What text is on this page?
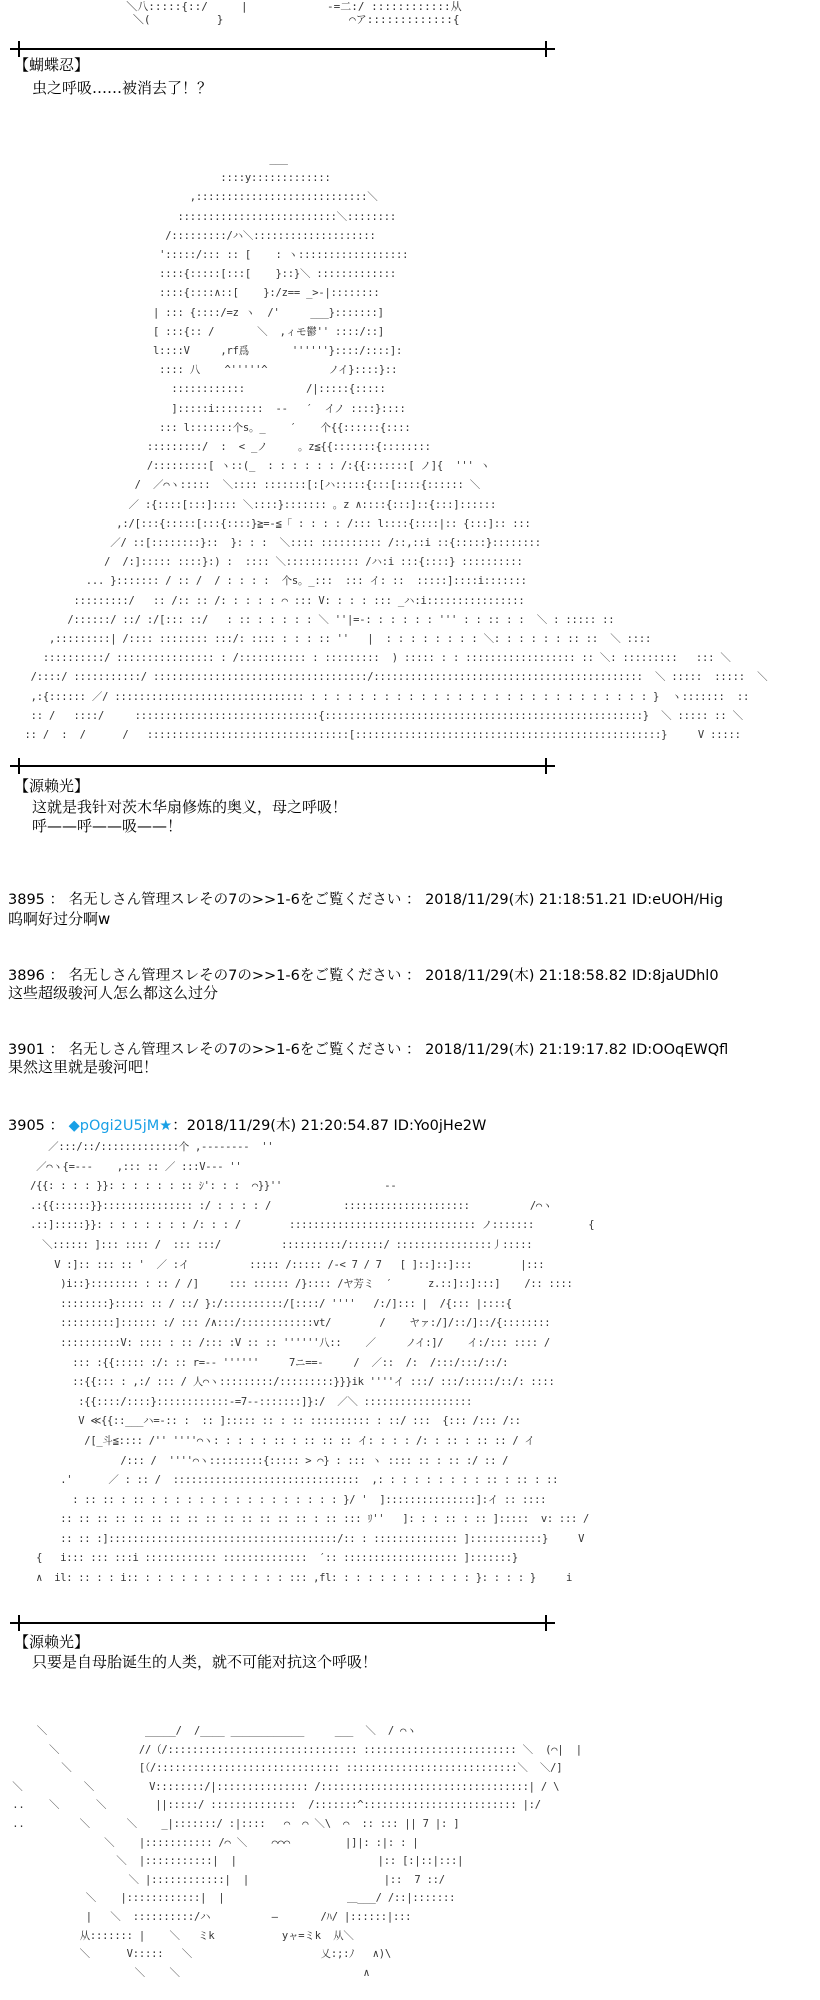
＼八:::::{::/     |            -=二:/ ::::::::::::从
＼(          }                   ⌒ア:::::::::::::{
【蝴蝶忍】
虫之呼吸……被消去了！？
___
::::y:::::::::::::
,::::::::::::::::::::::::::::＼
::::::::::::::::::::::::::＼::::::::
/:::::::::/ハ＼::::::::::::::::::::
':::::/::: :: [    : ヽ::::::::::::::::::
::::{:::::[:::[    }::}＼ :::::::::::::
::::{::::∧::[    }:/z== _>-|::::::::
| ::: {::::/=z ヽ  /'     ___}:::::::]
[ :::{:: /       ＼  ,ィモ鬱'' ::::/::]
l::::V     ,rf爲       ''''''}::::/::::]:
:::: 八    ^'''''^          ノイ}::::}::
::::::::::::          /|:::::{:::::
]:::::i::::::::  --   ′  イノ ::::}::::
::: l:::::::个s。_    ′    个{{::::::{::::
:::::::::/  :  < _ノ     。z≦{{:::::::{::::::::
/:::::::::[ ヽ::(_  : : : : : : /:{{:::::::[ ノ]{  ''' ヽ
/  ／⌒ヽ:::::  ＼:::: :::::::[:[ハ:::::{:::[::::{:::::: ＼
／ :{::::[:::]:::: ＼::::}::::::: 。z ∧::::{:::]::{:::]::::::
,:/[:::{:::::[:::{::::}≧=-≦「 : : : : /::: l::::{::::|:: {:::]:: :::
／/ ::[::::::::}::  }: : :  ＼:::: :::::::::: /::,::i ::{:::::}::::::::
/  /:]::::: ::::}:) :  :::: ＼:::::::::::: /ハ:i :::{::::} ::::::::::
... }::::::: / :: /  / : : : :  个s。_:::  ::: イ: ::  :::::]::::i:::::::
:::::::::/   :: /:: :: /: : : : : ⌒ ::: V: : : : ::: _ハ:i::::::::::::::::
/::::::/ ::/ :/[::: ::/   : :: : : : : : ＼ ''|=-: : : : : : ''' : : :: : :  ＼ : ::::: ::
,:::::::::| /:::: :::::::: :::/: :::: : : : :: ''   |  : : : : : : : : ＼: : : : : : :: ::  ＼ ::::
::::::::::/ :::::::::::::::: : /::::::::::: : :::::::::  ) ::::: : : :::::::::::::::::: :: ＼: :::::::::   ::: ＼
/::::/ :::::::::::/ :::::::::::::::::::::::::::::::::::/::::::::::::::::::::::::::::::::::::::::::::  ＼ :::::  :::::  ＼
,:{:::::: ／/ ::::::::::::::::::::::::::::::: : : : : : : : : : : : : : : : : : : : : : : : : : : : : }  ヽ:::::::  ::
:: /   ::::/     ::::::::::::::::::::::::::::::{::::::::::::::::::::::::::::::::::::::::::::::::::::}  ＼ ::::: :: ＼
:: /  :  /      /   :::::::::::::::::::::::::::::::::[::::::::::::::::::::::::::::::::::::::::::::::::::}     V :::::
【源赖光】
这就是我针对茨木华扇修炼的奥义，母之呼吸！
呼——呼——吸——！
3895 ： 名无しさん管理スレその7の>>1-6をご覧ください ： 2018/11/29(木) 21:18:51.21 ID:eUOH/Hig
呜啊好过分啊w
3896 ： 名无しさん管理スレその7の>>1-6をご覧ください ： 2018/11/29(木) 21:18:58.82 ID:8jaUDhl0
这些超级骏河人怎么都这么过分
3901 ： 名无しさん管理スレその7の>>1-6をご覧ください ： 2018/11/29(木) 21:19:17.82 ID:OOqEWQfl
果然这里就是骏河吧！
3905 ： ◆pOgi2U5jM★：2018/11/29(木) 21:20:54.87 ID:Yo0jHe2W
／:::/::/:::::::::::::个 ,--------  ''
／⌒ヽ{=---    ,::: :: ／ :::V--- ''
/{{: : : : }}: : : : : : :: ｼ': : :  ⌒}}''                 --
.:{{::::::}}::::::::::::::: :/ : : : : /            :::::::::::::::::::::          /⌒ヽ
.::]:::::}}: : : : : : : : /: : : /        ::::::::::::::::::::::::::::::: ノ:::::::         {
＼:::::: ]::: :::: /  ::: :::/          ::::::::::/::::::/ ::::::::::::::::丿:::::
V :]:: ::: :: '  ／ :イ          ::::: /::::: /-< 7 / 7   [ ]::]::]:::        |:::
)i::}:::::::: : :: / /]     ::: :::::: /}:::: /ヤ芳ミ  ′      z.::]::]:::]    /:: ::::
::::::::}::::: :: / ::/ }:/::::::::::/[::::/ ''''   /:/]::: |  /{::: |::::{
:::::::::]:::::: :/ ::: /∧:::/::::::::::::vt/        /    ヤァ:/]/::/]::/{::::::::
::::::::::V: :::: : :: /::: :V :: :: ''''''八::    ／     ノイ:]/    イ:/::: :::: /
::: :{{::::: :/: :: r=-- ''''''     7ニ==-     /  ／::  /:  /:::/:::/::/:
::{{::: : ,:/ ::: / 人⌒ヽ:::::::::/:::::::::}}}ik ''''イ :::/ :::/:::::/::/: ::::
:{{::::/::::}::::::::::::-=7--:::::::]}:/  ／＼ ::::::::::::::::::
V ≪{{::___ハ=-:: :  :: ]::::: :: : :: :::::::::: : ::/ :::  {::: /::: /::
/[_斗≦:::: /'' ''''⌒ヽ: : : : : :: : :: :: :: イ: : : : /: : :: : :: :: / イ
/::: /  ''''⌒ヽ:::::::::{::::: > ⌒} : ::: ヽ :::: :: : :: :/ :: /
.'      ／ : :: /  :::::::::::::::::::::::::::::::  ,: : : : : : : : : :: : :: : ::
: :: :: : :: : : : : : : : : : : : : : : : : }/ '  ]:::::::::::::::]:イ :: ::::
:: :: :: :: :: :: :: :: :: :: :: :: :: :: : :: ::: ﾘ''   ]: : : :: : :: ]:::::  v: ::: /
:: :: :]::::::::::::::::::::::::::::::::::::::/:: : :::::::::::::: ]::::::::::::}     V
{   i::: ::: :::i :::::::::::: ::::::::::::::  ′:: ::::::::::::::::::: ]:::::::}
∧  il: :: : : i:: : : : : : : : : : : : : ::: ,fl: : : : : : : : : : : : }: : : : }     i
【源赖光】
只要是自母胎诞生的人类，就不可能对抗这个呼吸！
＼                _____/  /____ ____________     ___  ＼  / ⌒ヽ
＼             //（/::::::::::::::::::::::::::::::: ::::::::::::::::::::::::: ＼  (⌒|  |
＼           [（/:::::::::::::::::::::::::::::: ::::::::::::::::::::::::::::＼  ＼/]
＼          ＼         V::::::::/|::::::::::::::: /::::::::::::::::::::::::::::::::::| / \
..    ＼      ＼        ||:::::/ ::::::::::::::  /:::::::^::::::::::::::::::::::::: |:/
..         ＼      ＼    _|:::::::/ :|::::   ⌒  ⌒ ＼\  ⌒  :: ::: || 7 |: ]
＼    |::::::::::: /⌒ ＼    ⌒⌒⌒         |]|: :|: : |
＼  |:::::::::::|  |                       |:: [:|::|:::|
＼ |::::::::::::|  |                      |::  7 ::/
＼    |::::::::::::|  |                    ＿___/ /::|:::::::
|   ＼  ::::::::::/ハ          —       /ﾊ/ |::::::|:::
从::::::: |    ＼   ミk           yャ=ミk  从＼
＼      V:::::   ＼                     乂:;:ﾉ   ∧)\
＼    ＼                              ∧
